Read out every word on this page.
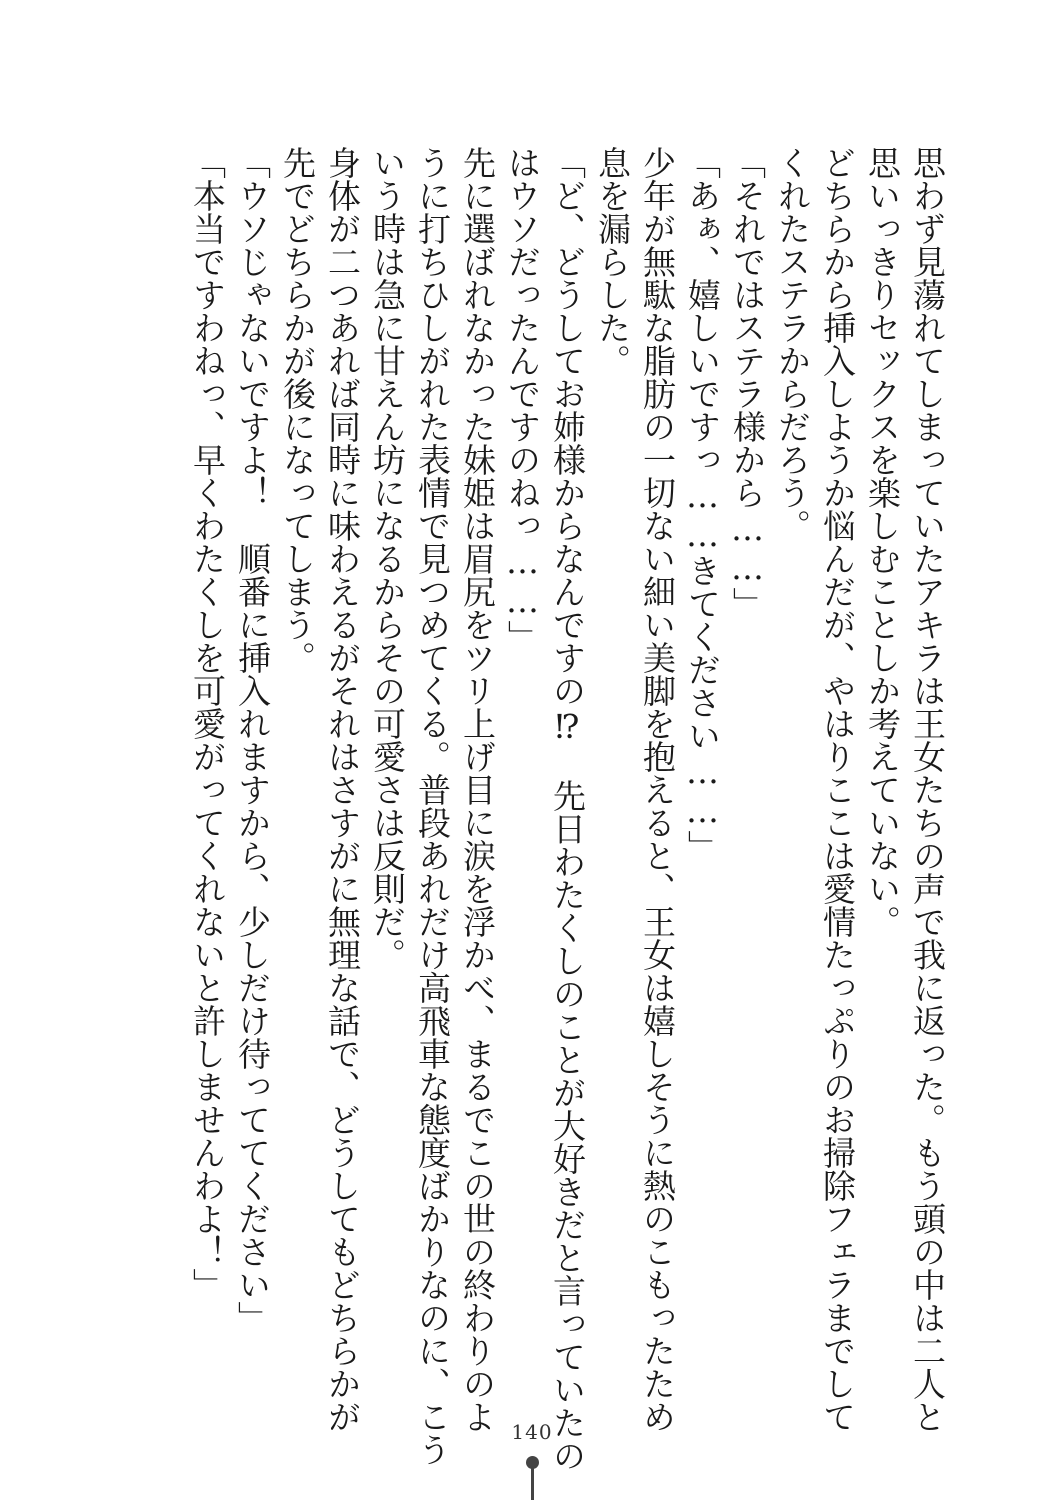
思わず見蕩れてしまっていたアキラは王女たちの声で我に返った。もう頭の中は二人と

思いっきりセックスを楽しむことしか考えていない。

どちらから挿入しようか悩んだが、やはりここは愛情たっぷりのお掃除フェラまでして

くれたステラからだろう。

「それではステラ様から……」

「あぁ、嬉しいですっ……きてください……」

少年が無駄な脂肪の一切ない細い美脚を抱えると、王女は嬉しそうに熱のこもったため

息を漏らした。

「ど、どうしてお姉様からなんですの⁉　先日わたくしのことが大好きだと言っていたの

はウソだったんですのねっ……」

先に選ばれなかった妹姫は眉尻をツリ上げ目に涙を浮かべ、まるでこの世の終わりのよ

うに打ちひしがれた表情で見つめてくる。普段あれだけ高飛車な態度ばかりなのに、こう

いう時は急に甘えん坊になるからその可愛さは反則だ。

身体が二つあれば同時に味わえるがそれはさすがに無理な話で、どうしてもどちらかが

先でどちらかが後になってしまう。

「ウソじゃないですよ！　順番に挿入れますから、少しだけ待っててください」

「本当ですわねっ、早くわたくしを可愛がってくれないと許しませんわよ！」

140
